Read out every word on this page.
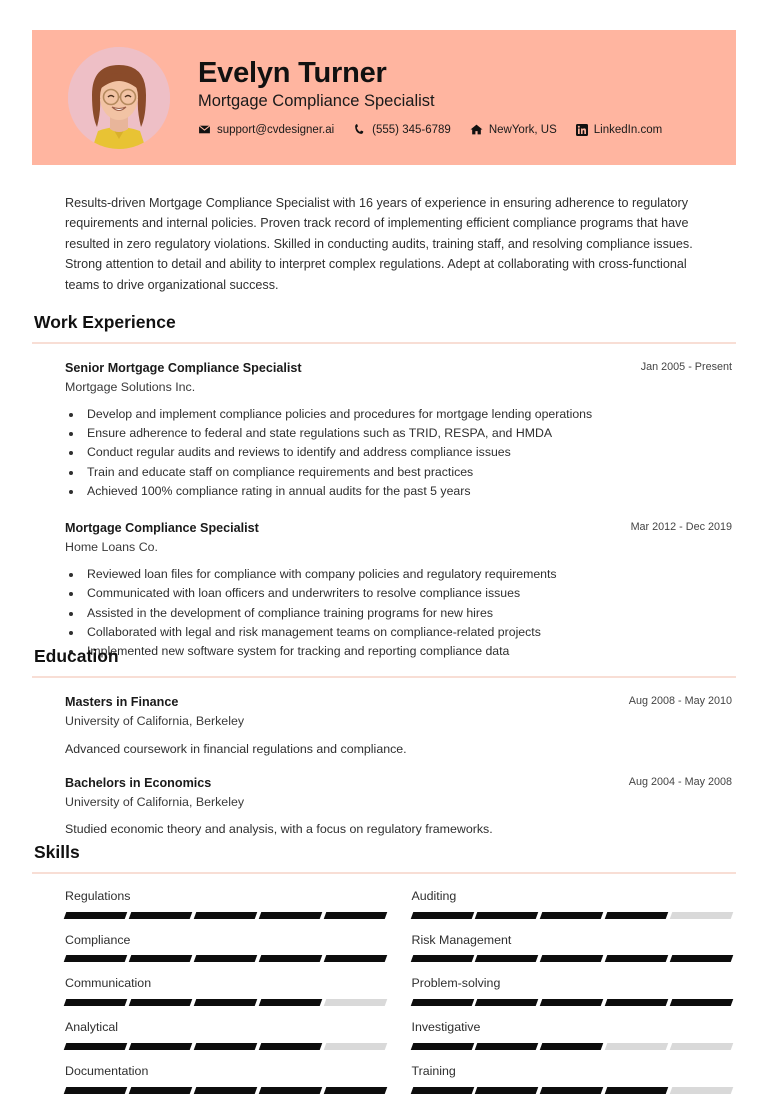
Evelyn Turner
Mortgage Compliance Specialist
support@cvdesigner.ai	(555) 345-6789	NewYork, US	LinkedIn.com
Results-driven Mortgage Compliance Specialist with 16 years of experience in ensuring adherence to regulatory requirements and internal policies. Proven track record of implementing efficient compliance programs that have resulted in zero regulatory violations. Skilled in conducting audits, training staff, and resolving compliance issues. Strong attention to detail and ability to interpret complex regulations. Adept at collaborating with cross-functional teams to drive organizational success.
Work Experience
Senior Mortgage Compliance Specialist	Jan 2005 - Present
Mortgage Solutions Inc.
• Develop and implement compliance policies and procedures for mortgage lending operations
• Ensure adherence to federal and state regulations such as TRID, RESPA, and HMDA
• Conduct regular audits and reviews to identify and address compliance issues
• Train and educate staff on compliance requirements and best practices
• Achieved 100% compliance rating in annual audits for the past 5 years
Mortgage Compliance Specialist	Mar 2012 - Dec 2019
Home Loans Co.
• Reviewed loan files for compliance with company policies and regulatory requirements
• Communicated with loan officers and underwriters to resolve compliance issues
• Assisted in the development of compliance training programs for new hires
• Collaborated with legal and risk management teams on compliance-related projects
• Implemented new software system for tracking and reporting compliance data
Education
Masters in Finance	Aug 2008 - May 2010
University of California, Berkeley
Advanced coursework in financial regulations and compliance.
Bachelors in Economics	Aug 2004 - May 2008
University of California, Berkeley
Studied economic theory and analysis, with a focus on regulatory frameworks.
Skills
Regulations	Auditing
Compliance	Risk Management
Communication	Problem-solving
Analytical	Investigative
Documentation	Training
